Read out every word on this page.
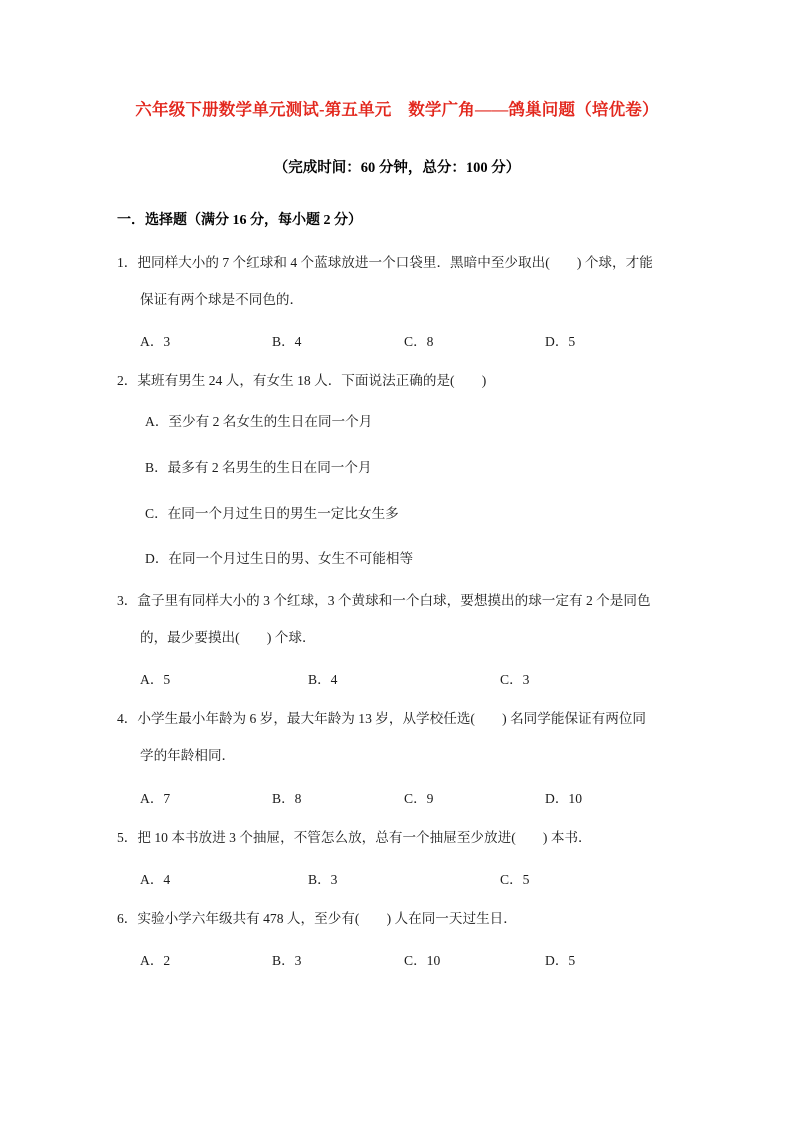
六年级下册数学单元测试-第五单元　数学广角——鸽巢问题（培优卷）
（完成时间：60 分钟，总分：100 分）
一．选择题（满分 16 分，每小题 2 分）
1．把同样大小的 7 个红球和 4 个蓝球放进一个口袋里．黑暗中至少取出(　　) 个球，才能
保证有两个球是不同色的．
A．3	B．4	C．8	D．5
2．某班有男生 24 人，有女生 18 人．下面说法正确的是(　　)
A．至少有 2 名女生的生日在同一个月
B．最多有 2 名男生的生日在同一个月
C．在同一个月过生日的男生一定比女生多
D．在同一个月过生日的男、女生不可能相等
3．盒子里有同样大小的 3 个红球，3 个黄球和一个白球，要想摸出的球一定有 2 个是同色
的，最少要摸出(　　) 个球．
A．5	B．4	C．3
4．小学生最小年龄为 6 岁，最大年龄为 13 岁，从学校任选(　　) 名同学能保证有两位同
学的年龄相同．
A．7	B．8	C．9	D．10
5．把 10 本书放进 3 个抽屉，不管怎么放，总有一个抽屉至少放进(　　) 本书．
A．4	B．3	C．5
6．实验小学六年级共有 478 人，至少有(　　) 人在同一天过生日．
A．2	B．3	C．10	D．5
